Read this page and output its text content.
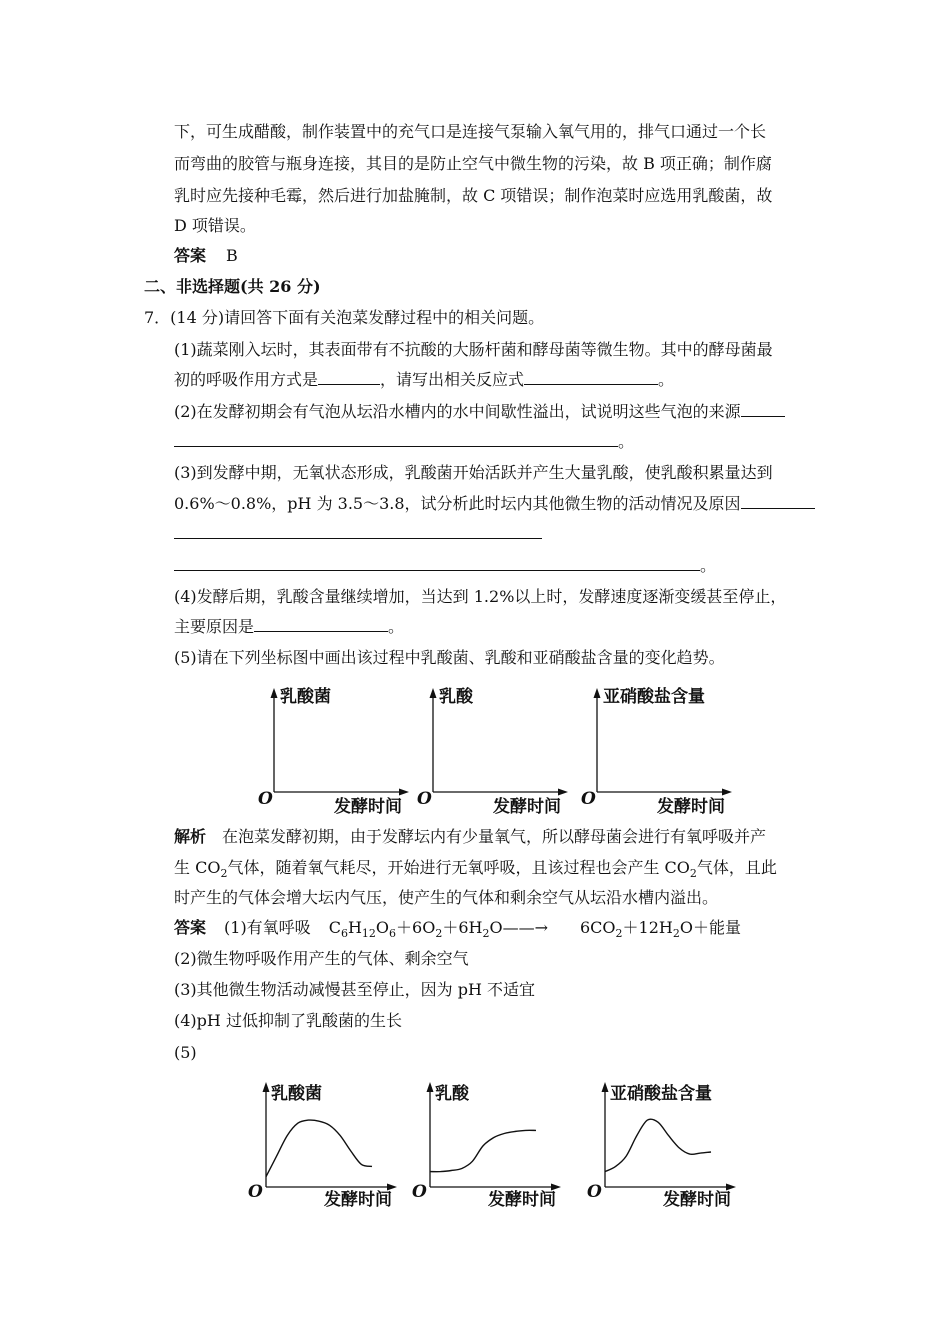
下，可生成醋酸，制作装置中的充气口是连接气泵输入氧气用的，排气口通过一个长
而弯曲的胶管与瓶身连接，其目的是防止空气中微生物的污染，故 B 项正确；制作腐
乳时应先接种毛霉，然后进行加盐腌制，故 C 项错误；制作泡菜时应选用乳酸菌，故
D 项错误。
答案 B
二、非选择题(共 26 分)
7．(14 分)请回答下面有关泡菜发酵过程中的相关问题。
(1)蔬菜刚入坛时，其表面带有不抗酸的大肠杆菌和酵母菌等微生物。其中的酵母菌最
初的呼吸作用方式是	，请写出相关反应式	。
(2)在发酵初期会有气泡从坛沿水槽内的水中间歇性溢出，试说明这些气泡的来源
。
(3)到发酵中期，无氧状态形成，乳酸菌开始活跃并产生大量乳酸，使乳酸积累量达到
0.6%～0.8%，pH 为 3.5～3.8，试分析此时坛内其他微生物的活动情况及原因
。
(4)发酵后期，乳酸含量继续增加，当达到 1.2%以上时，发酵速度逐渐变缓甚至停止，
主要原因是	。
(5)请在下列坐标图中画出该过程中乳酸菌、乳酸和亚硝酸盐含量的变化趋势。
乳酸菌
O	发酵时间
乳酸
O	发酵时间
亚硝酸盐含量
O	发酵时间
解析 在泡菜发酵初期，由于发酵坛内有少量氧气，所以酵母菌会进行有氧呼吸并产
生 $CO_2$气体，随着氧气耗尽，开始进行无氧呼吸，且该过程也会产生 $CO_2$气体，且此
时产生的气体会增大坛内气压，使产生的气体和剩余空气从坛沿水槽内溢出。
答案 (1)有氧呼吸 $C_6H_{12}O_6+6O_2+6H_2O——\to 6CO_2+12H_2O+$能量
(2)微生物呼吸作用产生的气体、剩余空气
(3)其他微生物活动减慢甚至停止，因为 pH 不适宜
(4)pH 过低抑制了乳酸菌的生长
(5)
乳酸菌
O	发酵时间
乳酸
O	发酵时间
亚硝酸盐含量
O	发酵时间
